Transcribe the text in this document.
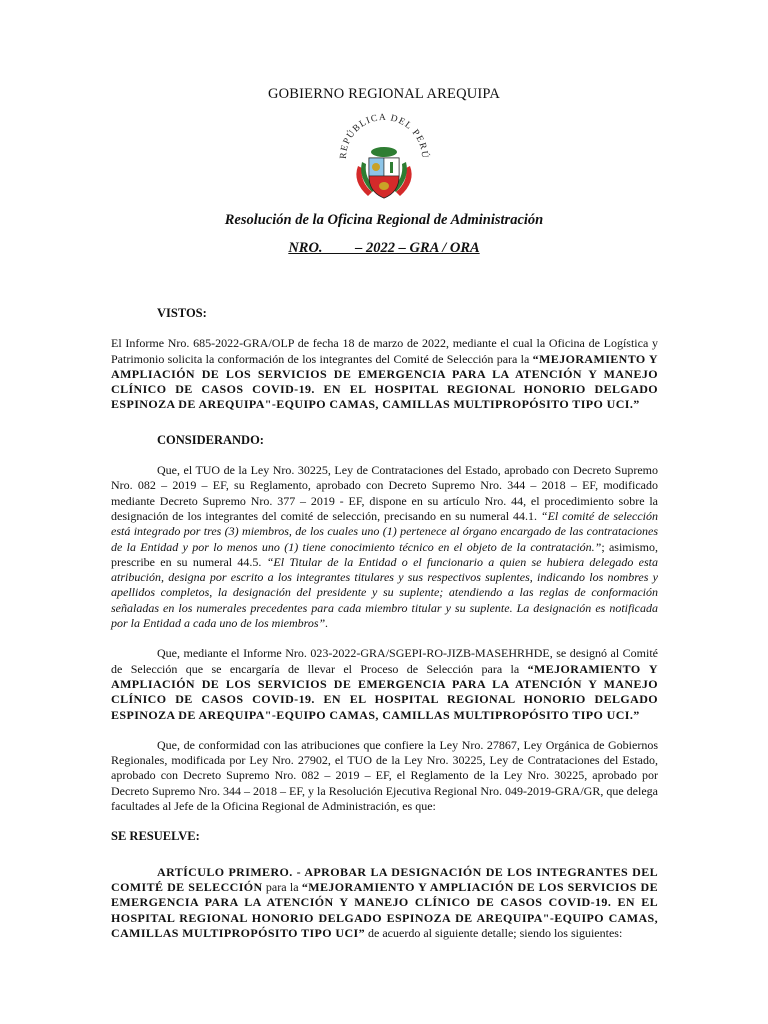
GOBIERNO REGIONAL AREQUIPA
REPÚBLICA DEL PERÚ
Resolución de la Oficina Regional de Administración
NRO.         – 2022 – GRA / ORA
VISTOS:

El Informe Nro. 685-2022-GRA/OLP de fecha 18 de marzo de 2022, mediante el cual la Oficina de Logística y Patrimonio solicita la conformación de los integrantes del Comité de Selección para la “MEJORAMIENTO Y AMPLIACIÓN DE LOS SERVICIOS DE EMERGENCIA PARA LA ATENCIÓN Y MANEJO CLÍNICO DE CASOS COVID-19. EN EL HOSPITAL REGIONAL HONORIO DELGADO ESPINOZA DE AREQUIPA"-EQUIPO CAMAS, CAMILLAS MULTIPROPÓSITO TIPO UCI.”

CONSIDERANDO:

Que, el TUO de la Ley Nro. 30225, Ley de Contrataciones del Estado, aprobado con Decreto Supremo Nro. 082 – 2019 – EF, su Reglamento, aprobado con Decreto Supremo Nro. 344 – 2018 – EF, modificado mediante Decreto Supremo Nro. 377 – 2019 - EF, dispone en su artículo Nro. 44, el procedimiento sobre la designación de los integrantes del comité de selección, precisando en su numeral 44.1. “El comité de selección está integrado por tres (3) miembros, de los cuales uno (1) pertenece al órgano encargado de las contrataciones de la Entidad y por lo menos uno (1) tiene conocimiento técnico en el objeto de la contratación.”; asimismo, prescribe en su numeral 44.5. “El Titular de la Entidad o el funcionario a quien se hubiera delegado esta atribución, designa por escrito a los integrantes titulares y sus respectivos suplentes, indicando los nombres y apellidos completos, la designación del presidente y su suplente; atendiendo a las reglas de conformación señaladas en los numerales precedentes para cada miembro titular y su suplente. La designación es notificada por la Entidad a cada uno de los miembros”.

Que, mediante el Informe Nro. 023-2022-GRA/SGEPI-RO-JIZB-MASEHRHDE, se designó al Comité de Selección que se encargaría de llevar el Proceso de Selección para la “MEJORAMIENTO Y AMPLIACIÓN DE LOS SERVICIOS DE EMERGENCIA PARA LA ATENCIÓN Y MANEJO CLÍNICO DE CASOS COVID-19. EN EL HOSPITAL REGIONAL HONORIO DELGADO ESPINOZA DE AREQUIPA"-EQUIPO CAMAS, CAMILLAS MULTIPROPÓSITO TIPO UCI.”

Que, de conformidad con las atribuciones que confiere la Ley Nro. 27867, Ley Orgánica de Gobiernos Regionales, modificada por Ley Nro. 27902, el TUO de la Ley Nro. 30225, Ley de Contrataciones del Estado, aprobado con Decreto Supremo Nro. 082 – 2019 – EF, el Reglamento de la Ley Nro. 30225, aprobado por Decreto Supremo Nro. 344 – 2018 – EF, y la Resolución Ejecutiva Regional Nro. 049-2019-GRA/GR, que delega facultades al Jefe de la Oficina Regional de Administración, es que:

SE RESUELVE:

ARTÍCULO PRIMERO. - APROBAR LA DESIGNACIÓN DE LOS INTEGRANTES DEL COMITÉ DE SELECCIÓN para la “MEJORAMIENTO Y AMPLIACIÓN DE LOS SERVICIOS DE EMERGENCIA PARA LA ATENCIÓN Y MANEJO CLÍNICO DE CASOS COVID-19. EN EL HOSPITAL REGIONAL HONORIO DELGADO ESPINOZA DE AREQUIPA"-EQUIPO CAMAS, CAMILLAS MULTIPROPÓSITO TIPO UCI” de acuerdo al siguiente detalle; siendo los siguientes:
